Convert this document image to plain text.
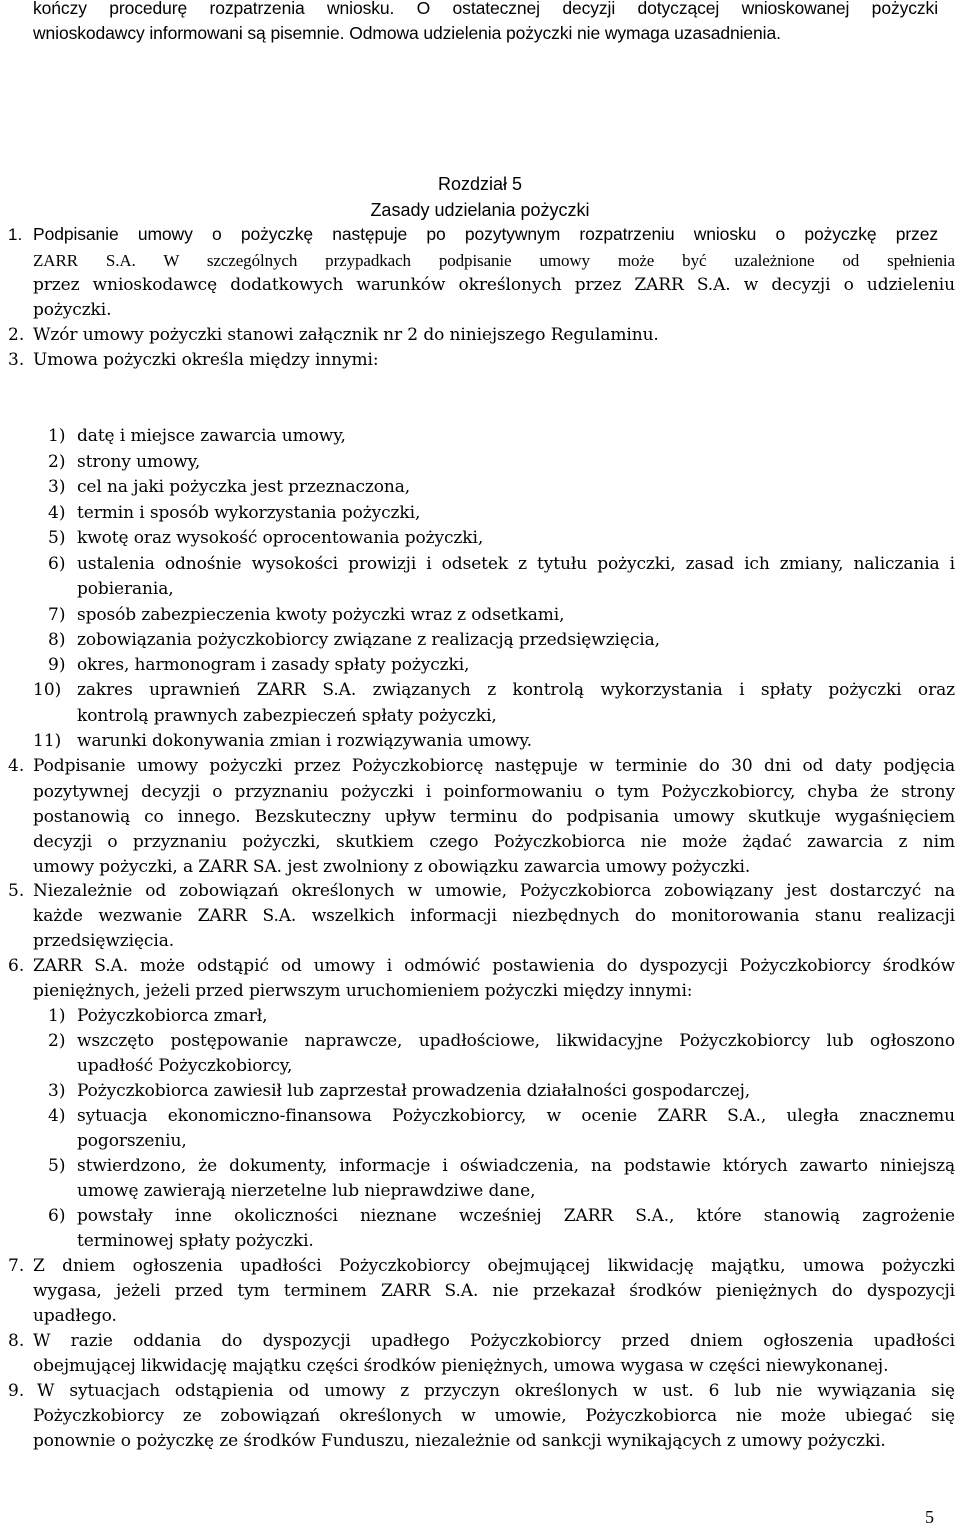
kończy procedurę rozpatrzenia wniosku. O ostatecznej decyzji dotyczącej wnioskowanej pożyczki
wnioskodawcy informowani są pisemnie. Odmowa udzielenia pożyczki nie wymaga uzasadnienia.
Rozdział 5
Zasady udzielania pożyczki
1. Podpisanie umowy o pożyczkę następuje po pozytywnym rozpatrzeniu wniosku o pożyczkę przez
ZARR S.A. W szczególnych przypadkach podpisanie umowy może być uzależnione od spełnienia
przez wnioskodawcę dodatkowych warunków określonych przez ZARR S.A. w decyzji o udzieleniu
pożyczki.
2. Wzór umowy pożyczki stanowi załącznik nr 2 do niniejszego Regulaminu.
3. Umowa pożyczki określa między innymi:
1) datę i miejsce zawarcia umowy,
2) strony umowy,
3) cel na jaki pożyczka jest przeznaczona,
4) termin i sposób wykorzystania pożyczki,
5) kwotę oraz wysokość oprocentowania pożyczki,
6) ustalenia odnośnie wysokości prowizji i odsetek z tytułu pożyczki, zasad ich zmiany, naliczania i
pobierania,
7) sposób zabezpieczenia kwoty pożyczki wraz z odsetkami,
8) zobowiązania pożyczkobiorcy związane z realizacją przedsięwzięcia,
9) okres, harmonogram i zasady spłaty pożyczki,
10) zakres uprawnień ZARR S.A. związanych z kontrolą wykorzystania i spłaty pożyczki oraz
kontrolą prawnych zabezpieczeń spłaty pożyczki,
11) warunki dokonywania zmian i rozwiązywania umowy.
4. Podpisanie umowy pożyczki przez Pożyczkobiorcę następuje w terminie do 30 dni od daty podjęcia
pozytywnej decyzji o przyznaniu pożyczki i poinformowaniu o tym Pożyczkobiorcy, chyba że strony
postanowią co innego. Bezskuteczny upływ terminu do podpisania umowy skutkuje wygaśnięciem
decyzji o przyznaniu pożyczki, skutkiem czego Pożyczkobiorca nie może żądać zawarcia z nim
umowy pożyczki, a ZARR SA. jest zwolniony z obowiązku zawarcia umowy pożyczki.
5. Niezależnie od zobowiązań określonych w umowie, Pożyczkobiorca zobowiązany jest dostarczyć na
każde wezwanie ZARR S.A. wszelkich informacji niezbędnych do monitorowania stanu realizacji
przedsięwzięcia.
6. ZARR S.A. może odstąpić od umowy i odmówić postawienia do dyspozycji Pożyczkobiorcy środków
pieniężnych, jeżeli przed pierwszym uruchomieniem pożyczki między innymi:
1) Pożyczkobiorca zmarł,
2) wszczęto postępowanie naprawcze, upadłościowe, likwidacyjne Pożyczkobiorcy lub ogłoszono
upadłość Pożyczkobiorcy,
3) Pożyczkobiorca zawiesił lub zaprzestał prowadzenia działalności gospodarczej,
4) sytuacja ekonomiczno-finansowa Pożyczkobiorcy, w ocenie ZARR S.A., uległa znacznemu
pogorszeniu,
5) stwierdzono, że dokumenty, informacje i oświadczenia, na podstawie których zawarto niniejszą
umowę zawierają nierzetelne lub nieprawdziwe dane,
6) powstały inne okoliczności nieznane wcześniej ZARR S.A., które stanowią zagrożenie
terminowej spłaty pożyczki.
7. Z dniem ogłoszenia upadłości Pożyczkobiorcy obejmującej likwidację majątku, umowa pożyczki
wygasa, jeżeli przed tym terminem ZARR S.A. nie przekazał środków pieniężnych do dyspozycji
upadłego.
8. W razie oddania do dyspozycji upadłego Pożyczkobiorcy przed dniem ogłoszenia upadłości
obejmującej likwidację majątku części środków pieniężnych, umowa wygasa w części niewykonanej.
9. W sytuacjach odstąpienia od umowy z przyczyn określonych w ust. 6 lub nie wywiązania się
Pożyczkobiorcy ze zobowiązań określonych w umowie, Pożyczkobiorca nie może ubiegać się
ponownie o pożyczkę ze środków Funduszu, niezależnie od sankcji wynikających z umowy pożyczki.
5
